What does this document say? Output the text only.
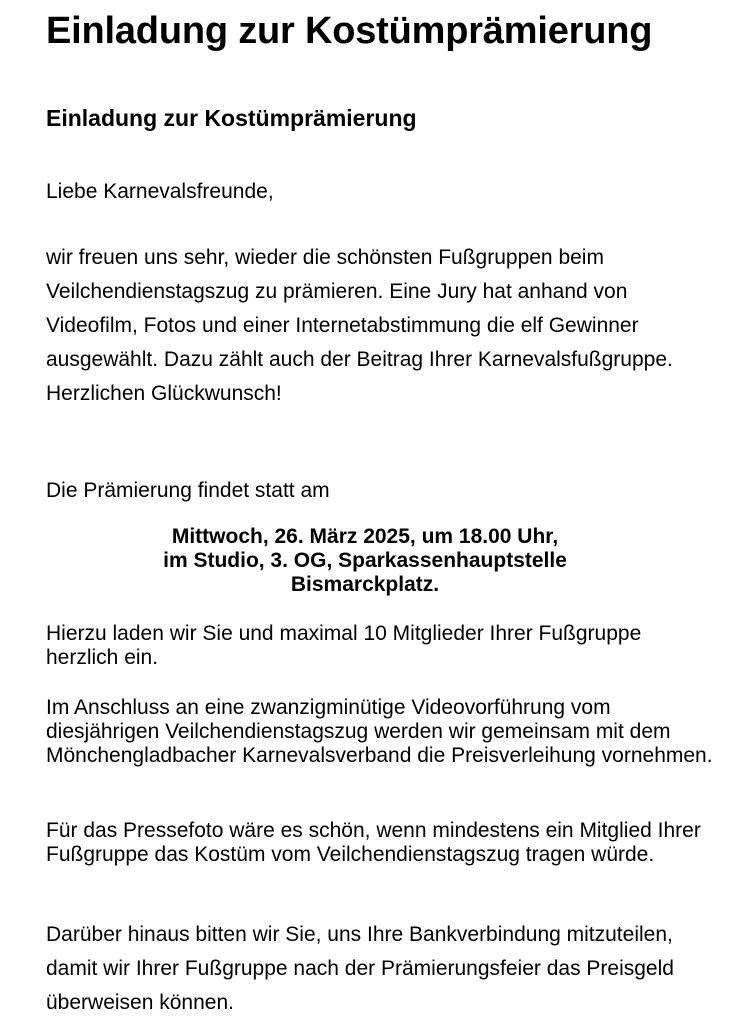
Einladung zur Kostümprämierung
Einladung zur Kostümprämierung

Liebe Karnevalsfreunde,

wir freuen uns sehr, wieder die schönsten Fußgruppen beim Veilchendienstagszug zu prämieren. Eine Jury hat anhand von Videofilm, Fotos und einer Internetabstimmung die elf Gewinner ausgewählt. Dazu zählt auch der Beitrag Ihrer Karnevalsfußgruppe. Herzlichen Glückwunsch!

Die Prämierung findet statt am

Mittwoch, 26. März 2025, um 18.00 Uhr,
im Studio, 3. OG, Sparkassenhauptstelle
Bismarckplatz.

Hierzu laden wir Sie und maximal 10 Mitglieder Ihrer Fußgruppe herzlich ein.

Im Anschluss an eine zwanzigminütige Videovorführung vom diesjährigen Veilchendienstagszug werden wir gemeinsam mit dem Mönchengladbacher Karnevalsverband die Preisverleihung vornehmen.

Für das Pressefoto wäre es schön, wenn mindestens ein Mitglied Ihrer Fußgruppe das Kostüm vom Veilchendienstagszug tragen würde.

Darüber hinaus bitten wir Sie, uns Ihre Bankverbindung mitzuteilen, damit wir Ihrer Fußgruppe nach der Prämierungsfeier das Preisgeld überweisen können.
